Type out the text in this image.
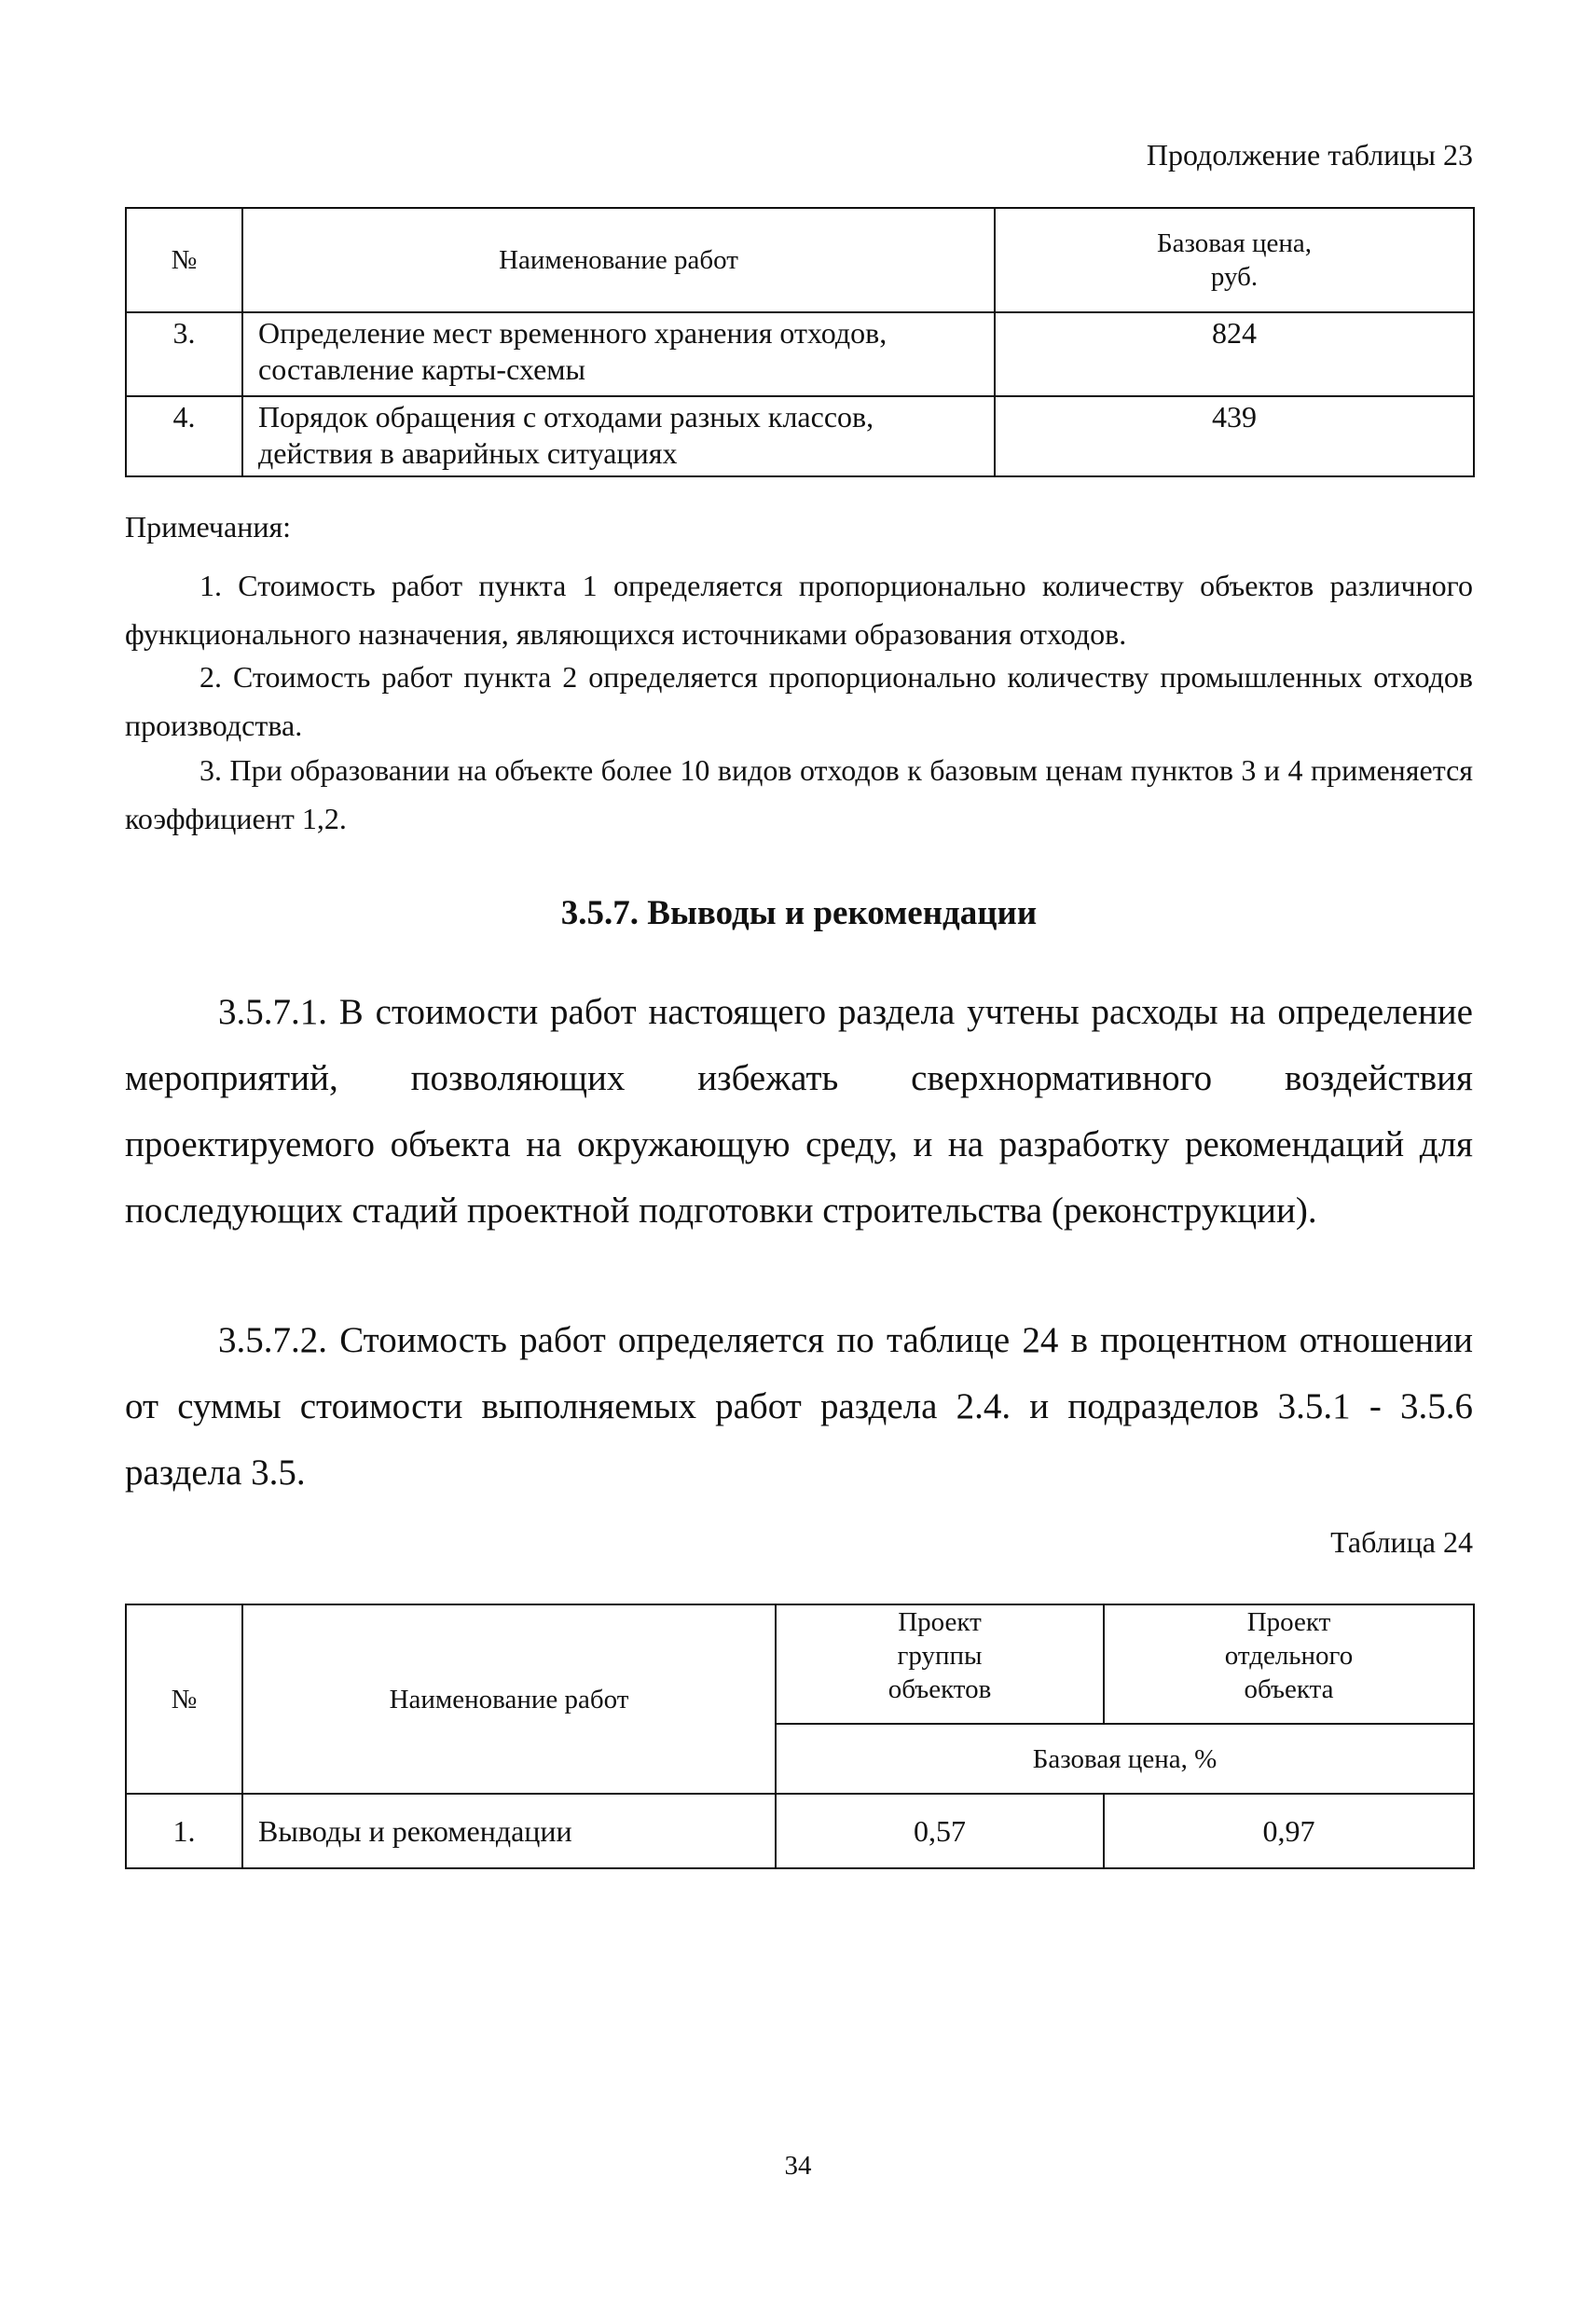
Продолжение таблицы 23
№	Наименование работ	Базовая цена, руб.
3.	Определение мест временного хранения отходов, составление карты-схемы	824
4.	Порядок обращения с отходами разных классов, действия в аварийных ситуациях	439
Примечания:
1. Стоимость работ пункта 1 определяется пропорционально количеству объектов различного функционального назначения, являющихся источниками образования отходов.
2. Стоимость работ пункта 2 определяется пропорционально количеству промышленных отходов производства.
3. При образовании на объекте более 10 видов отходов к базовым ценам пунктов 3 и 4 применяется коэффициент 1,2.
3.5.7. Выводы и рекомендации
3.5.7.1. В стоимости работ настоящего раздела учтены расходы на определение мероприятий, позволяющих избежать сверхнормативного воздействия проектируемого объекта на окружающую среду, и на разработку рекомендаций для последующих стадий проектной подготовки строительства (реконструкции).
3.5.7.2. Стоимость работ определяется по таблице 24 в процентном отношении от суммы стоимости выполняемых работ раздела 2.4. и подразделов 3.5.1 - 3.5.6 раздела 3.5.
Таблица 24
№	Наименование работ	Проект группы объектов	Проект отдельного объекта
		Базовая цена, %	
1.	Выводы и рекомендации	0,57	0,97
34
